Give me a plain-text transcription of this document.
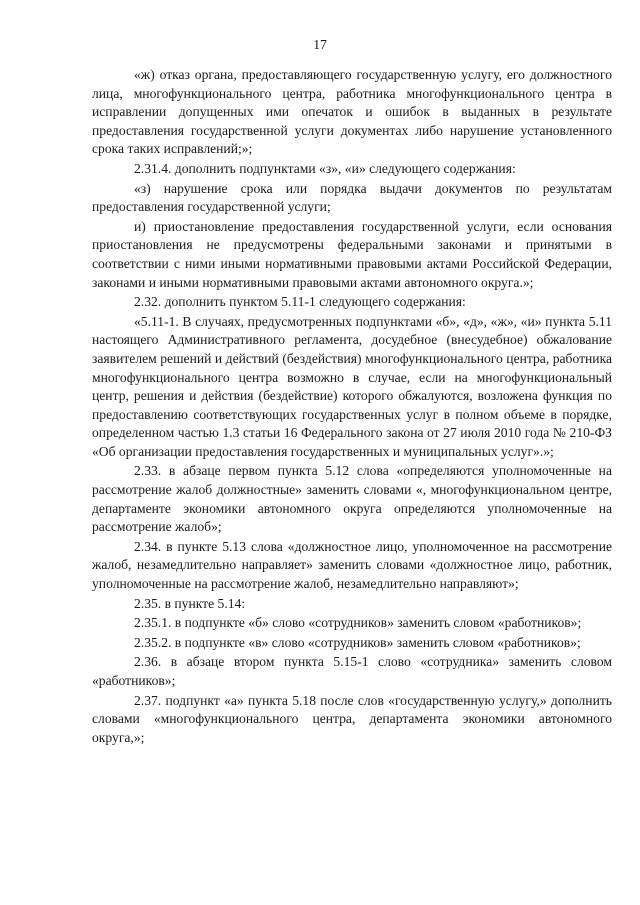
17

«ж) отказ органа, предоставляющего государственную услугу, его должностного лица, многофункционального центра, работника многофункционального центра в исправлении допущенных ими опечаток и ошибок в выданных в результате предоставления государственной услуги документах либо нарушение установленного срока таких исправлений;»;

2.31.4. дополнить подпунктами «з», «и» следующего содержания:

«з) нарушение срока или порядка выдачи документов по результатам предоставления государственной услуги;

и) приостановление предоставления государственной услуги, если основания приостановления не предусмотрены федеральными законами и принятыми в соответствии с ними иными нормативными правовыми актами Российской Федерации, законами и иными нормативными правовыми актами автономного округа.»;

2.32. дополнить пунктом 5.11-1 следующего содержания:

«5.11-1. В случаях, предусмотренных подпунктами «б», «д», «ж», «и» пункта 5.11 настоящего Административного регламента, досудебное (внесудебное) обжалование заявителем решений и действий (бездействия) многофункционального центра, работника многофункционального центра возможно в случае, если на многофункциональный центр, решения и действия (бездействие) которого обжалуются, возложена функция по предоставлению соответствующих государственных услуг в полном объеме в порядке, определенном частью 1.3 статьи 16 Федерального закона от 27 июля 2010 года № 210-ФЗ «Об организации предоставления государственных и муниципальных услуг».»;

2.33. в абзаце первом пункта 5.12 слова «определяются уполномоченные на рассмотрение жалоб должностные» заменить словами «, многофункциональном центре, департаменте экономики автономного округа определяются уполномоченные на рассмотрение жалоб»;

2.34. в пункте 5.13 слова «должностное лицо, уполномоченное на рассмотрение жалоб, незамедлительно направляет» заменить словами «должностное лицо, работник, уполномоченные на рассмотрение жалоб, незамедлительно направляют»;

2.35. в пункте 5.14:

2.35.1. в подпункте «б» слово «сотрудников» заменить словом «работников»;

2.35.2. в подпункте «в» слово «сотрудников» заменить словом «работников»;

2.36. в абзаце втором пункта 5.15-1 слово «сотрудника» заменить словом «работников»;

2.37. подпункт «а» пункта 5.18 после слов «государственную услугу,» дополнить словами «многофункционального центра, департамента экономики автономного округа,»;
